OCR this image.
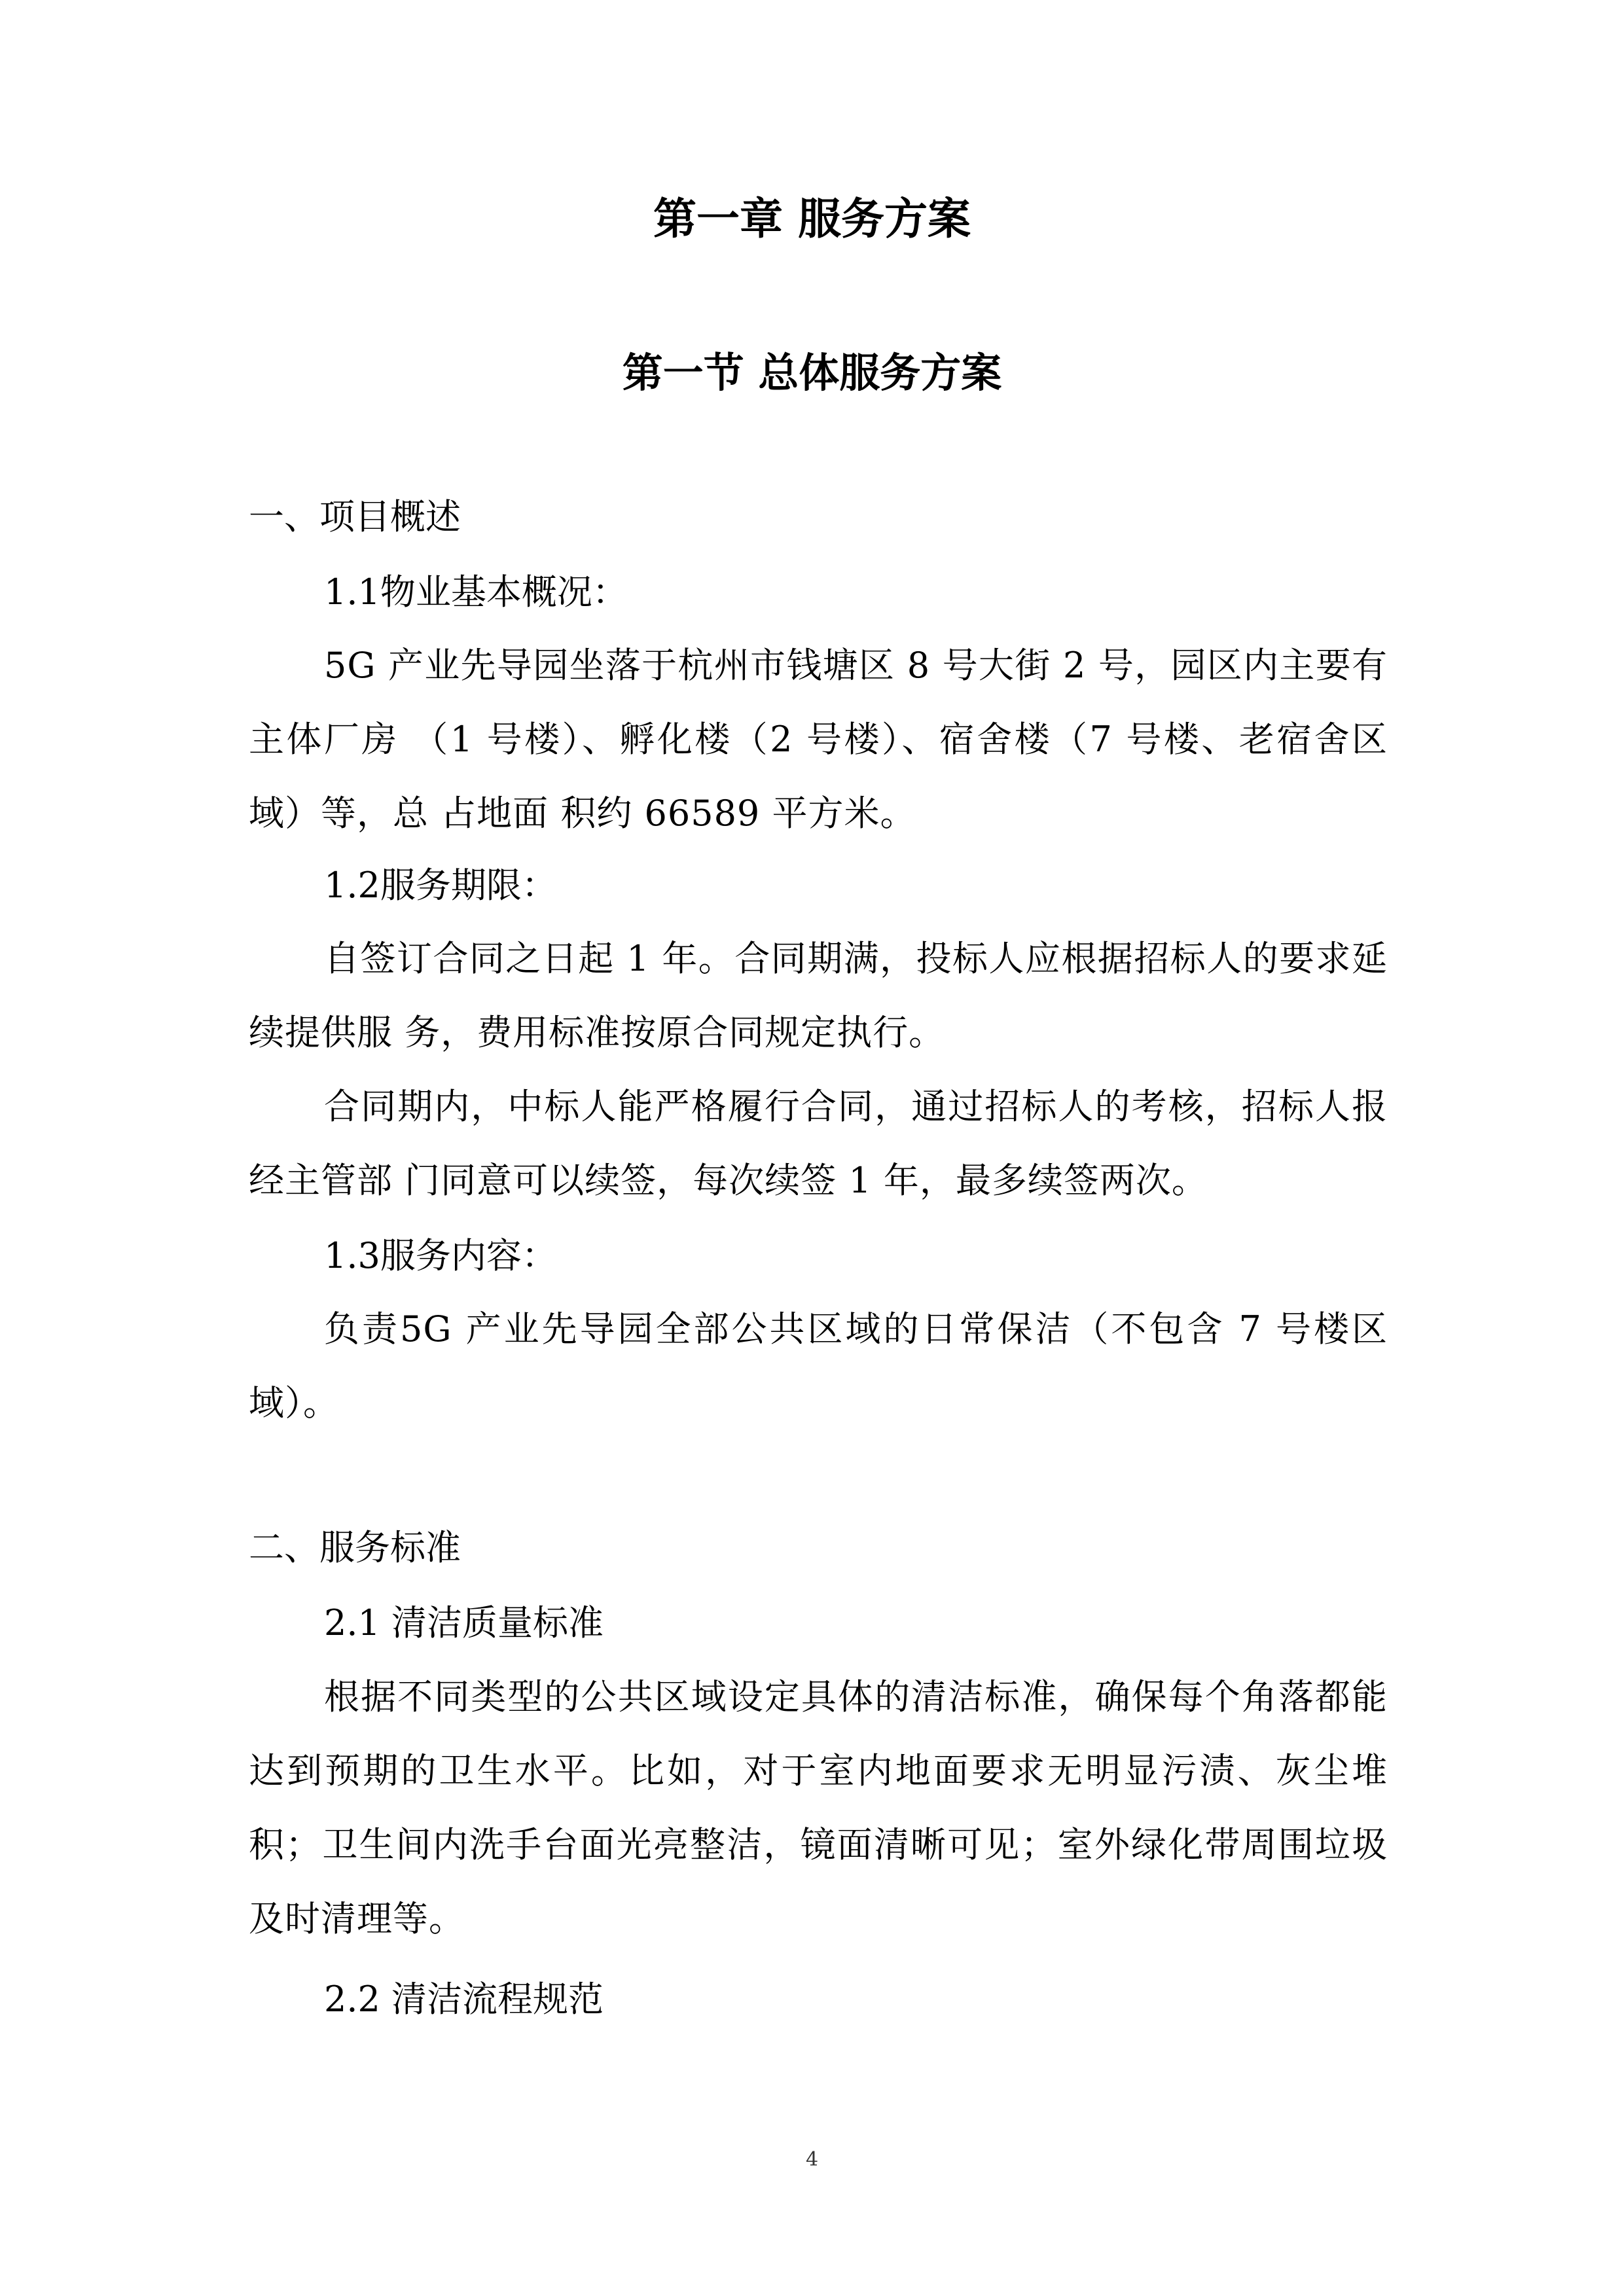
第一章 服务方案
第一节 总体服务方案
一、项目概述
1.1物业基本概况：
5G 产业先导园坐落于杭州市钱塘区 8 号大街 2 号，园区内主要有主体厂房 （1 号楼）、孵化楼（2 号楼）、宿舍楼（7 号楼、老宿舍区域）等，总 占地面 积约 66589 平方米。
1.2服务期限：
自签订合同之日起 1 年。合同期满，投标人应根据招标人的要求延续提供服 务，费用标准按原合同规定执行。
合同期内，中标人能严格履行合同，通过招标人的考核，招标人报经主管部 门同意可以续签，每次续签 1 年，最多续签两次。
1.3服务内容：
负责5G 产业先导园全部公共区域的日常保洁（不包含 7 号楼区域）。
二、服务标准
2.1 清洁质量标准
根据不同类型的公共区域设定具体的清洁标准，确保每个角落都能达到预期的卫生水平。比如，对于室内地面要求无明显污渍、灰尘堆积；卫生间内洗手台面光亮整洁，镜面清晰可见；室外绿化带周围垃圾及时清理等。
2.2 清洁流程规范
4
